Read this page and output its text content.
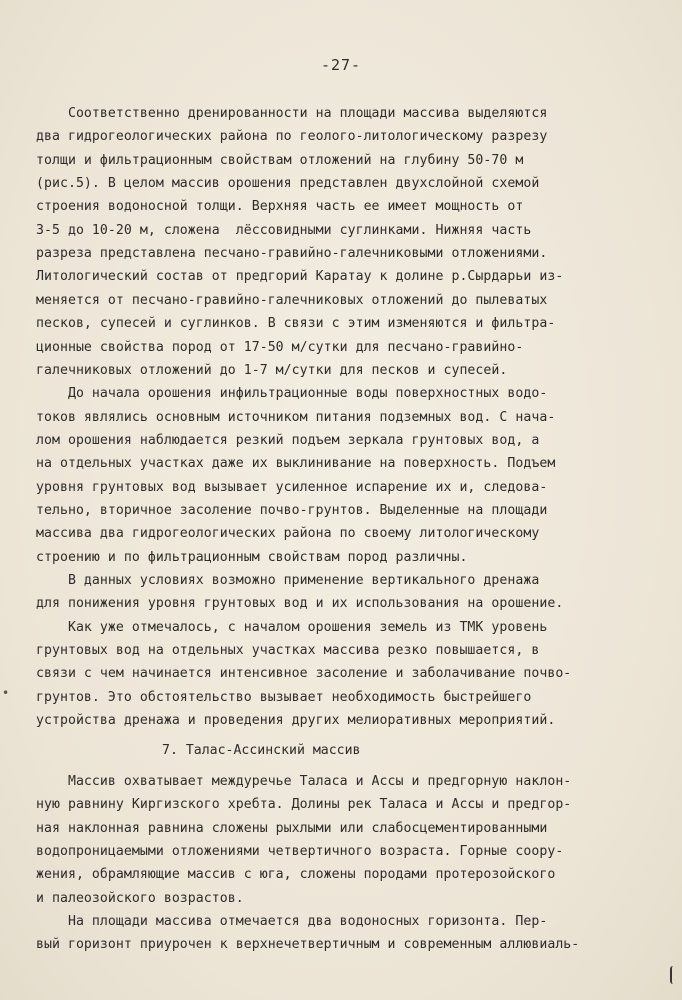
-27-
Соответственно дренированности на площади массива выделяются
два гидрогеологических района по геолого-литологическому разрезу
толщи и фильтрационным свойствам отложений на глубину 50-70 м
(рис.5). В целом массив орошения представлен двухслойной схемой
строения водоносной толщи. Верхняя часть ее имеет мощность от
3-5 до 10-20 м, сложена  лёссовидными суглинками. Нижняя часть
разреза представлена песчано-гравийно-галечниковыми отложениями.
Литологический состав от предгорий Каратау к долине р.Сырдарьи из-
меняется от песчано-гравийно-галечниковых отложений до пылеватых
песков, супесей и суглинков. В связи с этим изменяются и фильтра-
ционные свойства пород от 17-50 м/сутки для песчано-гравийно-
галечниковых отложений до 1-7 м/сутки для песков и супесей.
До начала орошения инфильтрационные воды поверхностных водо-
токов являлись основным источником питания подземных вод. С нача-
лом орошения наблюдается резкий подъем зеркала грунтовых вод, а
на отдельных участках даже их выклинивание на поверхность. Подъем
уровня грунтовых вод вызывает усиленное испарение их и, следова-
тельно, вторичное засоление почво-грунтов. Выделенные на площади
массива два гидрогеологических района по своему литологическому
строению и по фильтрационным свойствам пород различны.
В данных условиях возможно применение вертикального дренажа
для понижения уровня грунтовых вод и их использования на орошение.
Как уже отмечалось, с началом орошения земель из ТМК уровень
грунтовых вод на отдельных участках массива резко повышается, в
связи с чем начинается интенсивное засоление и заболачивание почво-
грунтов. Это обстоятельство вызывает необходимость быстрейшего
устройства дренажа и проведения других мелиоративных мероприятий.
7. Талас-Ассинский массив
Массив охватывает междуречье Таласа и Ассы и предгорную наклон-
ную равнину Киргизского хребта. Долины рек Таласа и Ассы и предгор-
ная наклонная равнина сложены рыхлыми или слабосцементированными
водопроницаемыми отложениями четвертичного возраста. Горные соору-
жения, обрамляющие массив с юга, сложены породами протерозойского
и палеозойского возрастов.
На площади массива отмечается два водоносных горизонта. Пер-
вый горизонт приурочен к верхнечетвертичным и современным аллювиаль-
•
